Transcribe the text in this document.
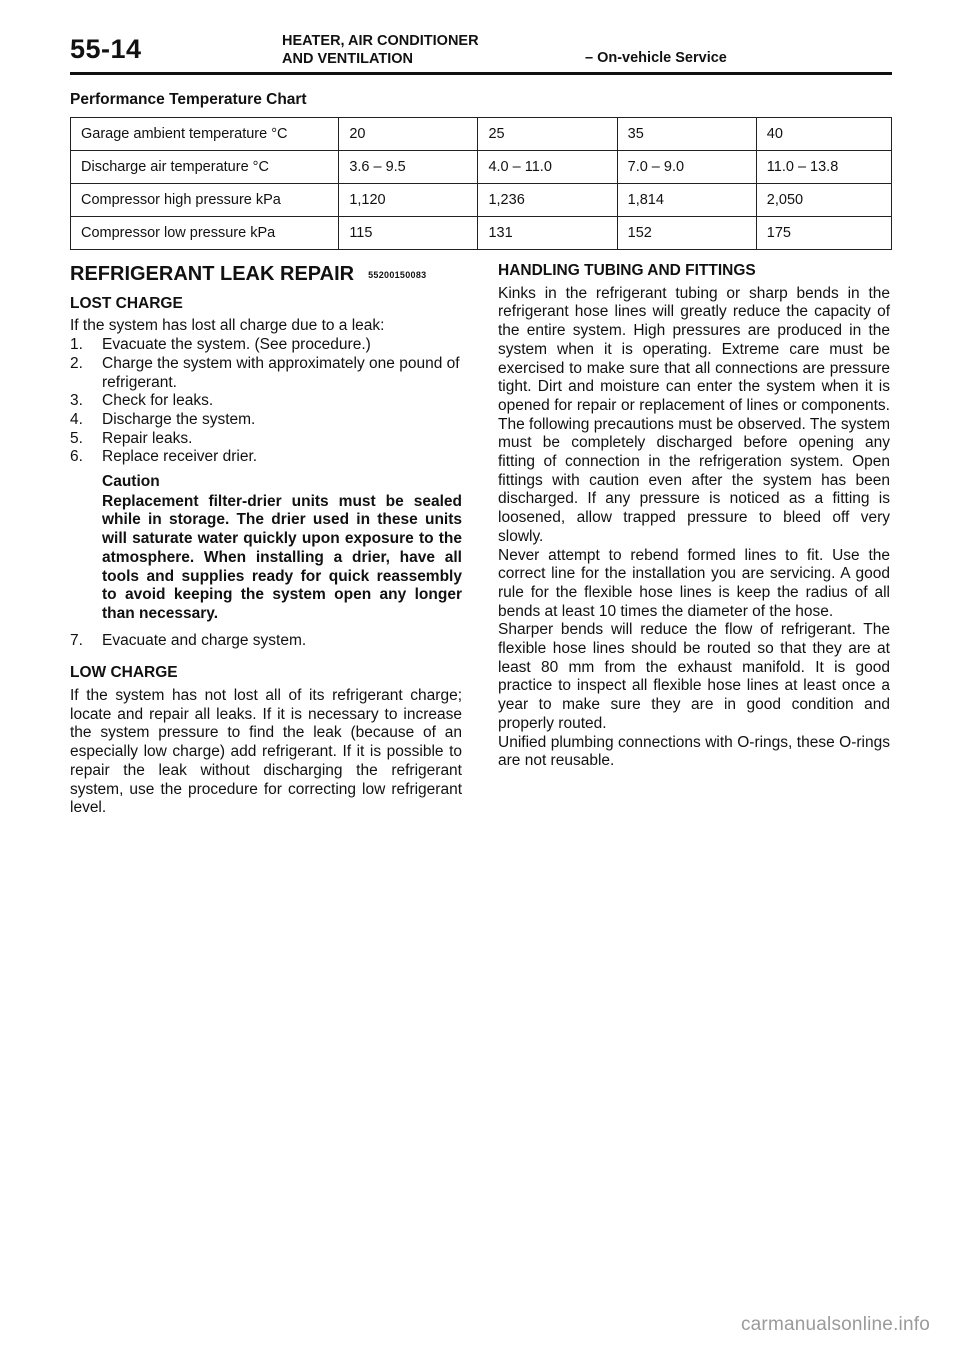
55-14	HEATER, AIR CONDITIONER
AND VENTILATION	– On-vehicle Service
Performance Temperature Chart
Garage ambient temperature °C	20	25	35	40
Discharge air temperature °C	3.6 – 9.5	4.0 – 11.0	7.0 – 9.0	11.0 – 13.8
Compressor high pressure kPa	1,120	1,236	1,814	2,050
Compressor low pressure kPa	115	131	152	175
REFRIGERANT LEAK REPAIR 55200150083
LOST CHARGE

If the system has lost all charge due to a leak:

1. Evacuate the system. (See procedure.)
2. Charge the system with approximately one pound of refrigerant.
3. Check for leaks.
4. Discharge the system.
5. Repair leaks.
6. Replace receiver drier.
Caution

Replacement filter-drier units must be sealed while in storage. The drier used in these units will saturate water quickly upon exposure to the atmosphere. When installing a drier, have all tools and supplies ready for quick reassembly to avoid keeping the system open any longer than necessary.

7. Evacuate and charge system.
LOW CHARGE

If the system has not lost all of its refrigerant charge; locate and repair all leaks. If it is necessary to increase the system pressure to find the leak (because of an especially low charge) add refrigerant. If it is possible to repair the leak without discharging the refrigerant system, use the procedure for correcting low refrigerant level.

HANDLING TUBING AND FITTINGS

Kinks in the refrigerant tubing or sharp bends in the refrigerant hose lines will greatly reduce the capacity of the entire system. High pressures are produced in the system when it is operating. Extreme care must be exercised to make sure that all connections are pressure tight. Dirt and moisture can enter the system when it is opened for repair or replacement of lines or components. The following precautions must be observed. The system must be completely discharged before opening any fitting of connection in the refrigeration system. Open fittings with caution even after the system has been discharged. If any pressure is noticed as a fitting is loosened, allow trapped pressure to bleed off very slowly.

Never attempt to rebend formed lines to fit. Use the correct line for the installation you are servicing. A good rule for the flexible hose lines is keep the radius of all bends at least 10 times the diameter of the hose.

Sharper bends will reduce the flow of refrigerant. The flexible hose lines should be routed so that they are at least 80 mm from the exhaust manifold. It is good practice to inspect all flexible hose lines at least once a year to make sure they are in good condition and properly routed.

Unified plumbing connections with O-rings, these O-rings are not reusable.

carmanualsonline.info
